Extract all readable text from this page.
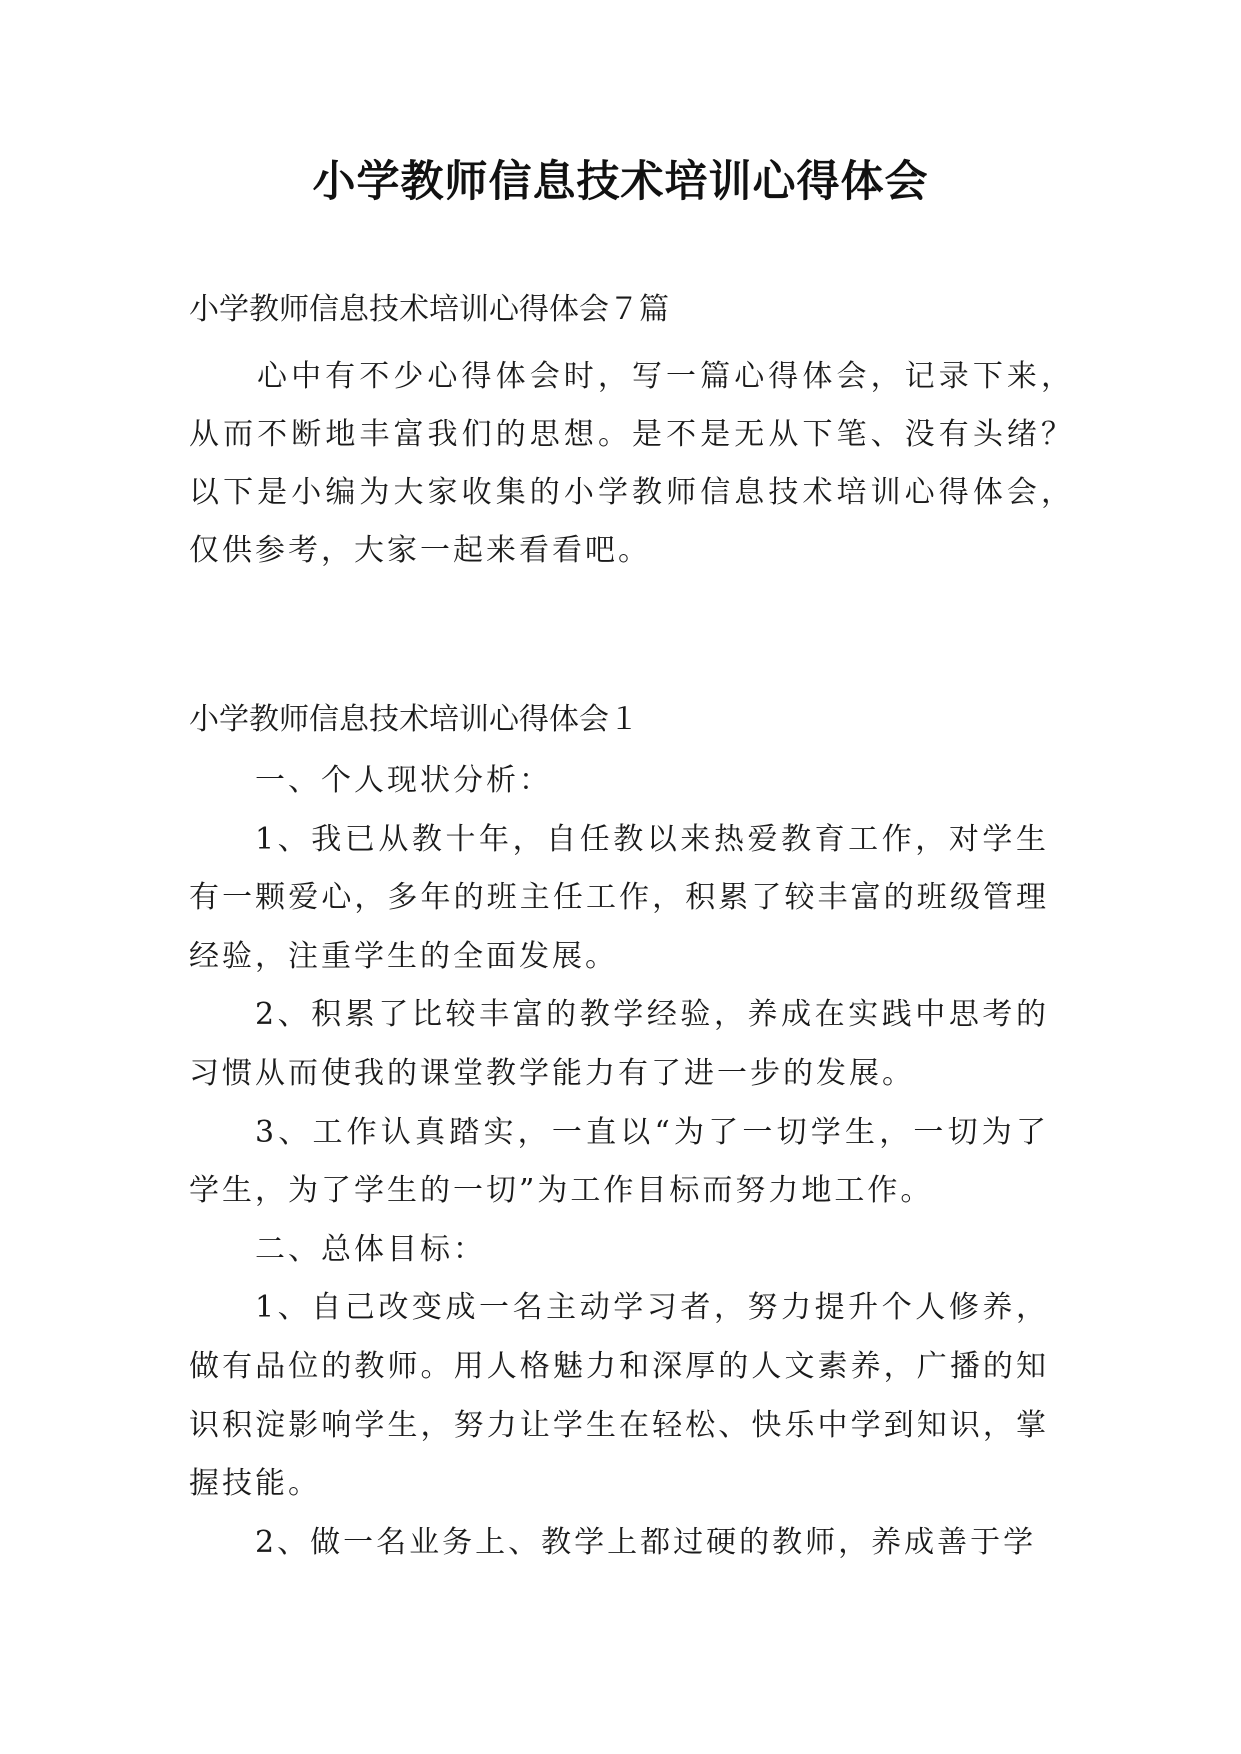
小学教师信息技术培训心得体会
小学教师信息技术培训心得体会７篇

心中有不少心得体会时，写一篇心得体会，记录下来，从而不断地丰富我们的思想。是不是无从下笔、没有头绪？以下是小编为大家收集的小学教师信息技术培训心得体会，仅供参考，大家一起来看看吧。

小学教师信息技术培训心得体会１

一、个人现状分析：

1、我已从教十年，自任教以来热爱教育工作，对学生有一颗爱心，多年的班主任工作，积累了较丰富的班级管理经验，注重学生的全面发展。

2、积累了比较丰富的教学经验，养成在实践中思考的习惯从而使我的课堂教学能力有了进一步的发展。

3、工作认真踏实，一直以“为了一切学生，一切为了学生，为了学生的一切”为工作目标而努力地工作。

二、总体目标：

1、自己改变成一名主动学习者，努力提升个人修养，做有品位的教师。用人格魅力和深厚的人文素养，广播的知识积淀影响学生，努力让学生在轻松、快乐中学到知识，掌握技能。

2、做一名业务上、教学上都过硬的教师，养成善于学
